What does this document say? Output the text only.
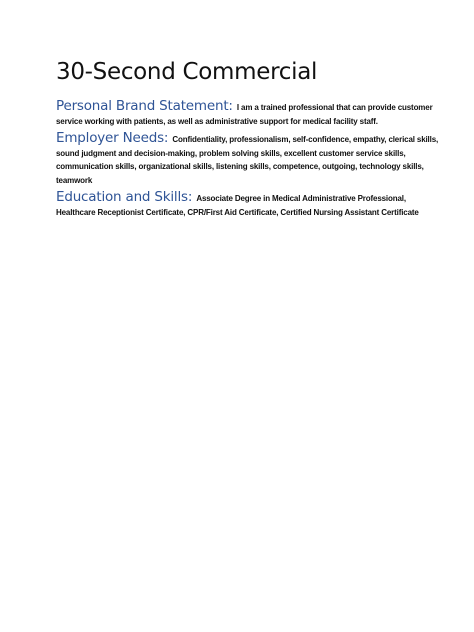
30-Second Commercial
Personal Brand Statement: I am a trained professional that can provide customer service working with patients, as well as administrative support for medical facility staff.
Employer Needs: Confidentiality, professionalism, self-confidence, empathy, clerical skills, sound judgment and decision-making, problem solving skills, excellent customer service skills, communication skills, organizational skills, listening skills, competence, outgoing, technology skills, teamwork
Education and Skills: Associate Degree in Medical Administrative Professional, Healthcare Receptionist Certificate, CPR/First Aid Certificate, Certified Nursing Assistant Certificate
